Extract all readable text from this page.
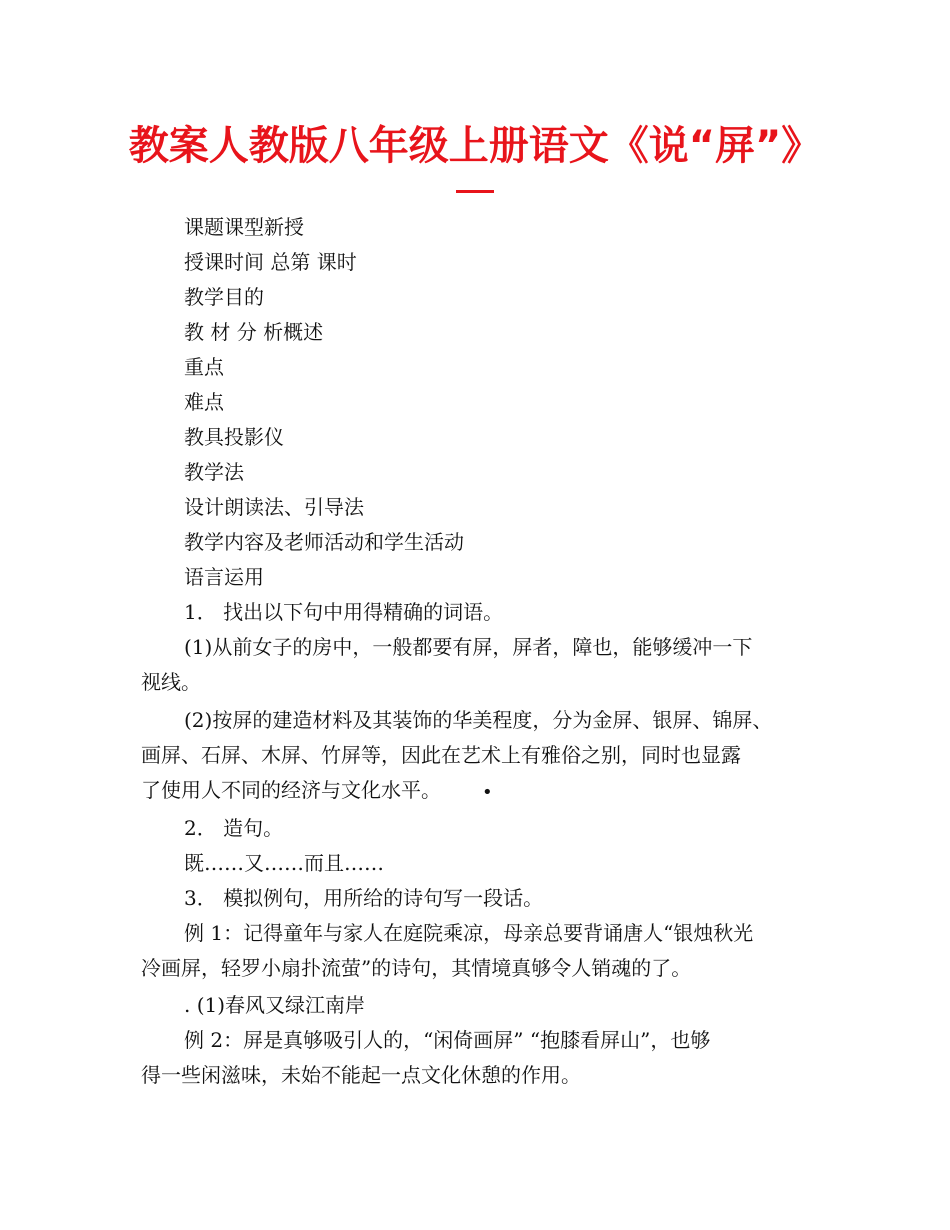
教案人教版八年级上册语文《说“屏”》

课题课型新授

授课时间 总第 课时

教学目的

教 材 分 析概述

重点

难点

教具投影仪

教学法

设计朗读法、引导法

教学内容及老师活动和学生活动

语言运用

1． 找出以下句中用得精确的词语。

(1)从前女子的房中，一般都要有屏，屏者，障也，能够缓冲一下

视线。

(2)按屏的建造材料及其装饰的华美程度，分为金屏、银屏、锦屏、

画屏、石屏、木屏、竹屏等，因此在艺术上有雅俗之别，同时也显露

了使用人不同的经济与文化水平。 •

2． 造句。

既……又……而且……

3． 模拟例句，用所给的诗句写一段话。

例 1：记得童年与家人在庭院乘凉，母亲总要背诵唐人“银烛秋光

冷画屏，轻罗小扇扑流萤”的诗句，其情境真够令人销魂的了。

. (1)春风又绿江南岸

例 2：屏是真够吸引人的，“闲倚画屏” “抱膝看屏山”，也够

得一些闲滋味，未始不能起一点文化休憩的作用。
